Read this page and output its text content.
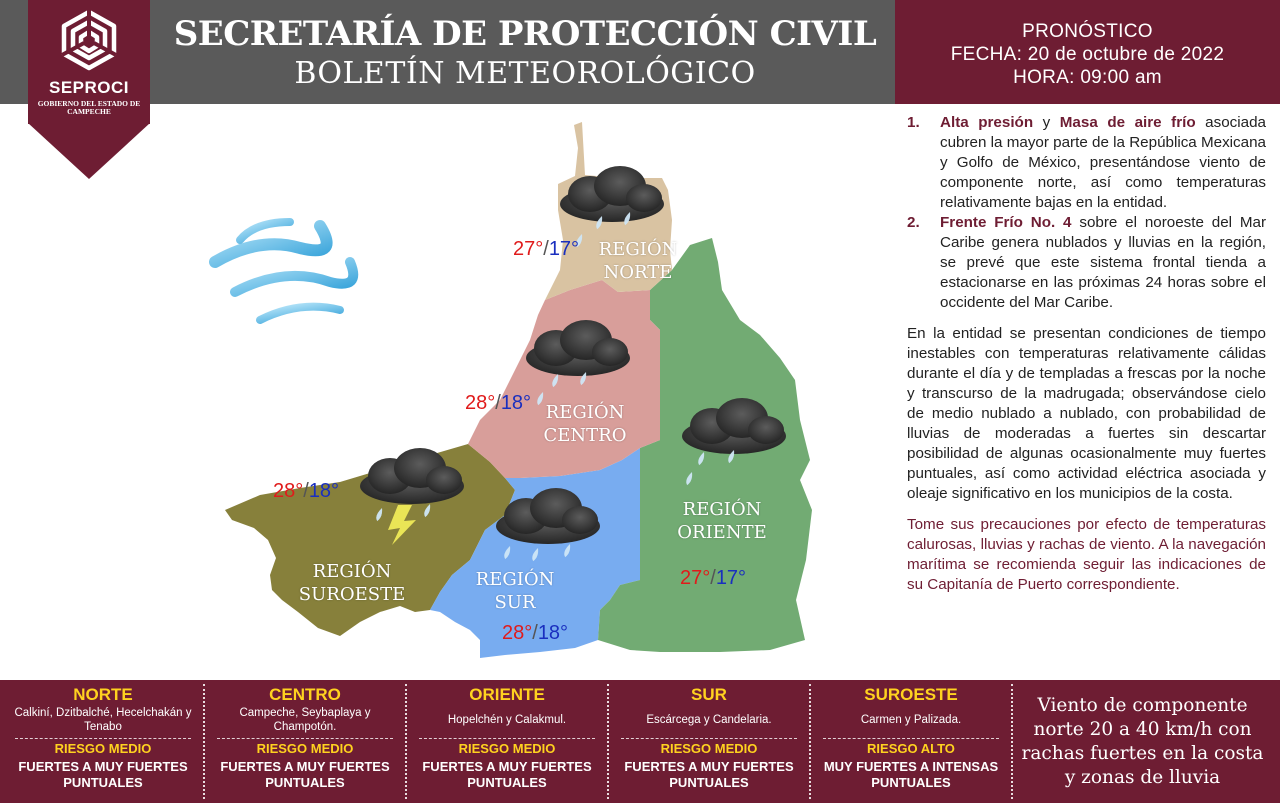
SEPROCI
GOBIERNO DEL ESTADO DE CAMPECHE
SECRETARÍA DE PROTECCIÓN CIVIL
BOLETÍN METEOROLÓGICO
PRONÓSTICO
FECHA: 20 de octubre de 2022
HORA: 09:00 am
REGIÓN
NORTE
REGIÓN
CENTRO
REGIÓN
ORIENTE
REGIÓN
SUR
REGIÓN
SUROESTE
27°/17°
28°/18°
27°/17°
28°/18°
28°/18°
1. Alta presión y Masa de aire frío asociada cubren la mayor parte de la República Mexicana y Golfo de México, presentándose viento de componente norte, así como temperaturas relativamente bajas en la entidad.
2. Frente Frío No. 4 sobre el noroeste del Mar Caribe genera nublados y lluvias en la región, se prevé que este sistema frontal tienda a estacionarse en las próximas 24 horas sobre el occidente del Mar Caribe.

En la entidad se presentan condiciones de tiempo inestables con temperaturas relativamente cálidas durante el día y de templadas a frescas por la noche y transcurso de la madrugada; observándose cielo de medio nublado a nublado, con probabilidad de lluvias de moderadas a fuertes sin descartar posibilidad de algunas ocasionalmente muy fuertes puntuales, así como actividad eléctrica asociada y oleaje significativo en los municipios de la costa.

Tome sus precauciones por efecto de temperaturas calurosas, lluvias y rachas de viento. A la navegación marítima se recomienda seguir las indicaciones de su Capitanía de Puerto correspondiente.

NORTE
Calkiní, Dzitbalché, Hecelchakán y Tenabo
RIESGO MEDIO
FUERTES A MUY FUERTES PUNTUALES
CENTRO
Campeche, Seybaplaya y Champotón.
RIESGO MEDIO
FUERTES A MUY FUERTES PUNTUALES
ORIENTE
Hopelchén y Calakmul.
RIESGO MEDIO
FUERTES A MUY FUERTES PUNTUALES
SUR
Escárcega y Candelaria.
RIESGO MEDIO
FUERTES A MUY FUERTES PUNTUALES
SUROESTE
Carmen y Palizada.
RIESGO ALTO
MUY FUERTES A INTENSAS PUNTUALES
Viento de componente norte 20 a 40 km/h con rachas fuertes en la costa y zonas de lluvia
